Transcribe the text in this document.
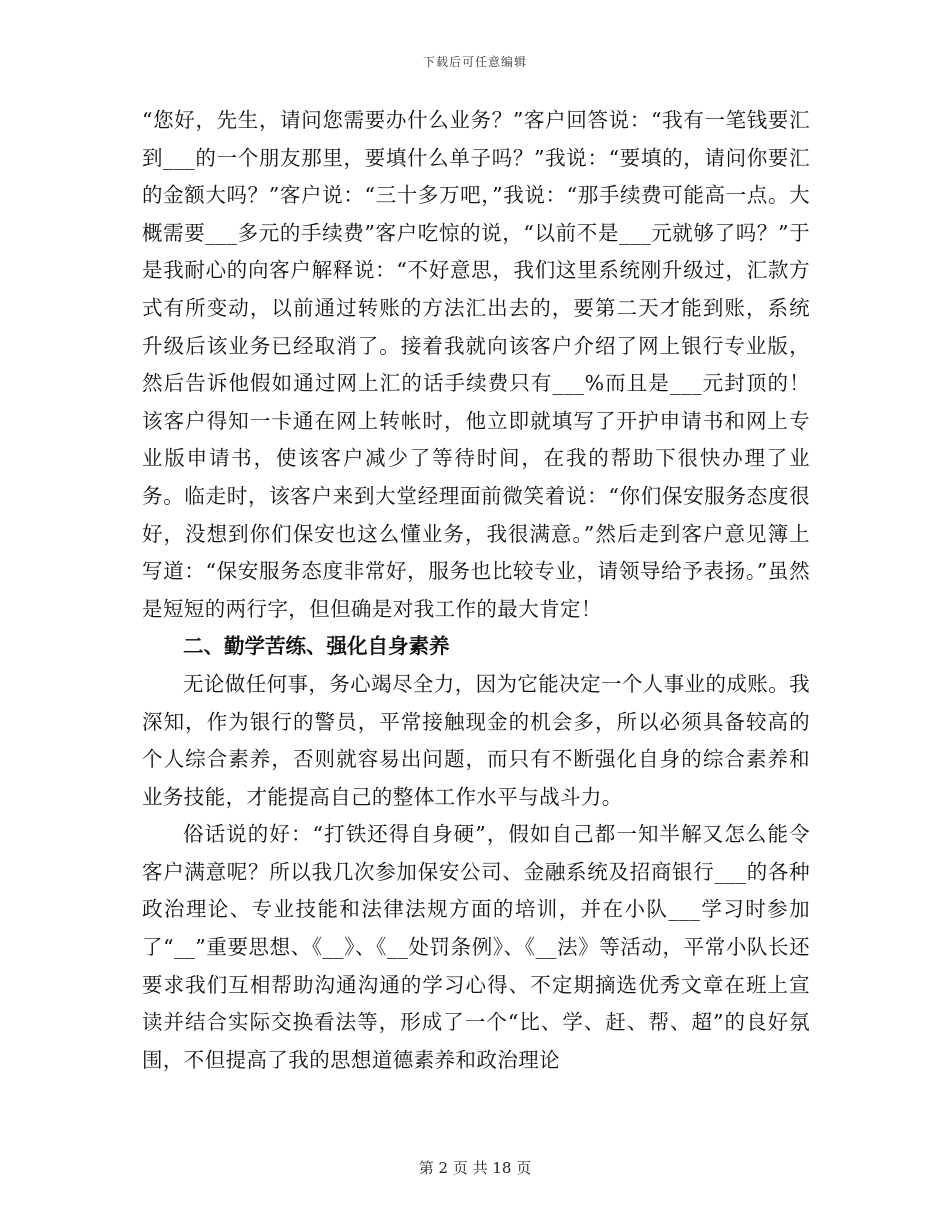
下载后可任意编辑

“您好，先生，请问您需要办什么业务？”客户回答说：“我有一笔钱要汇到___的一个朋友那里，要填什么单子吗？”我说：“要填的，请问你要汇的金额大吗？”客户说：“三十多万吧，”我说：“那手续费可能高一点。大概需要___多元的手续费”客户吃惊的说，“以前不是___元就够了吗？”于是我耐心的向客户解释说：“不好意思，我们这里系统刚升级过，汇款方式有所变动，以前通过转账的方法汇出去的，要第二天才能到账，系统升级后该业务已经取消了。接着我就向该客户介绍了网上银行专业版，然后告诉他假如通过网上汇的话手续费只有___%而且是___元封顶的！该客户得知一卡通在网上转帐时，他立即就填写了开护申请书和网上专业版申请书，使该客户减少了等待时间，在我的帮助下很快办理了业务。临走时，该客户来到大堂经理面前微笑着说：“你们保安服务态度很好，没想到你们保安也这么懂业务，我很满意。”然后走到客户意见簿上写道：“保安服务态度非常好，服务也比较专业，请领导给予表扬。”虽然是短短的两行字，但但确是对我工作的最大肯定！

二、勤学苦练、强化自身素养

无论做任何事，务心竭尽全力，因为它能决定一个人事业的成账。我深知，作为银行的警员，平常接触现金的机会多，所以必须具备较高的个人综合素养，否则就容易出问题，而只有不断强化自身的综合素养和业务技能，才能提高自己的整体工作水平与战斗力。

俗话说的好：“打铁还得自身硬”，假如自己都一知半解又怎么能令客户满意呢？所以我几次参加保安公司、金融系统及招商银行___的各种政治理论、专业技能和法律法规方面的培训，并在小队___学习时参加了“__”重要思想、《__》、《__处罚条例》、《__法》等活动，平常小队长还要求我们互相帮助沟通沟通的学习心得、不定期摘选优秀文章在班上宣读并结合实际交换看法等，形成了一个“比、学、赶、帮、超”的良好氛围，不但提高了我的思想道德素养和政治理论

第 2 页 共 18 页
